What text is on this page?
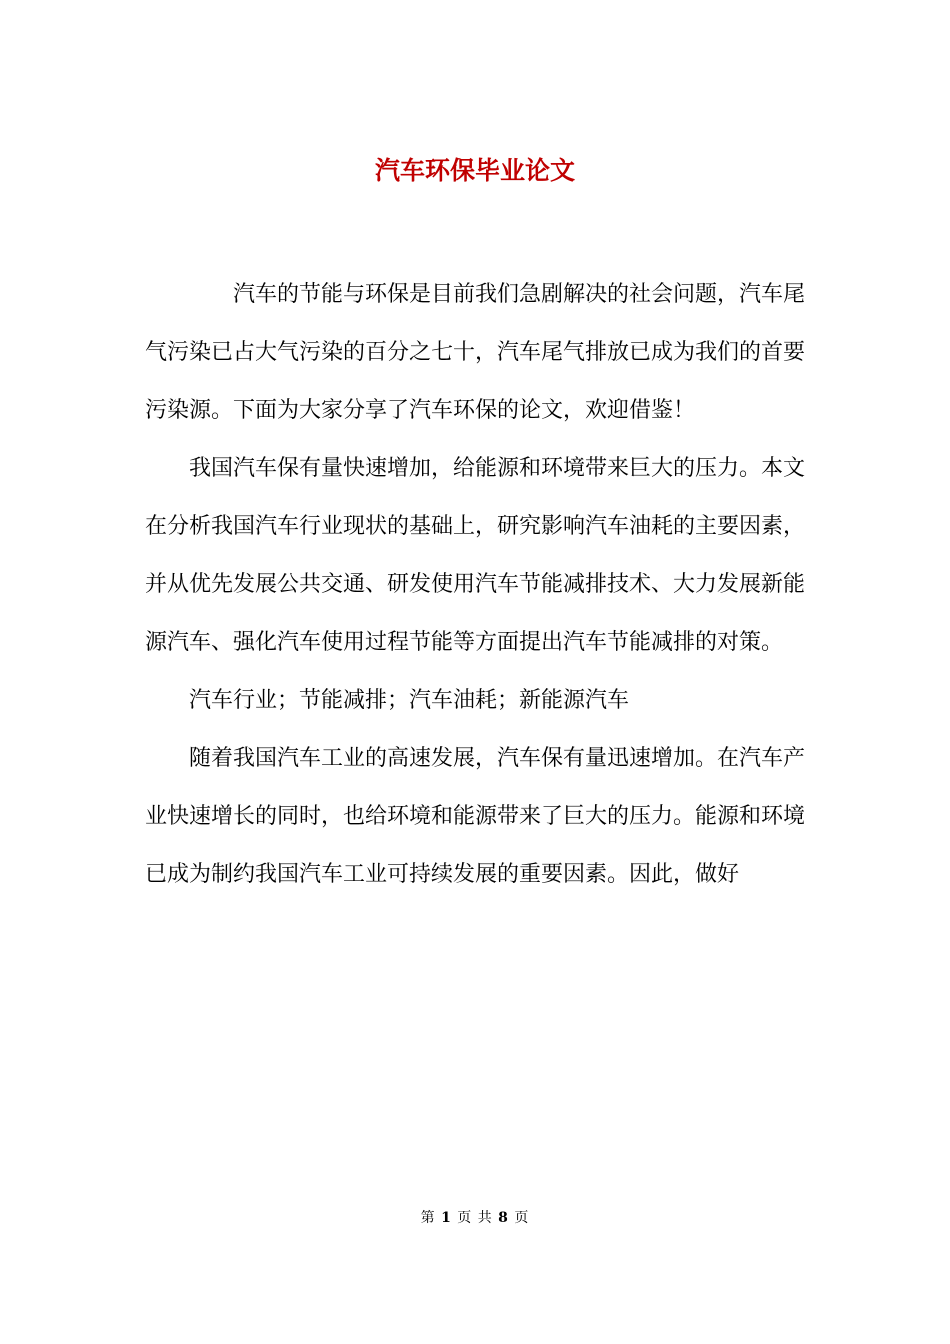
汽车环保毕业论文

汽车的节能与环保是目前我们急剧解决的社会问题，汽车尾气污染已占大气污染的百分之七十，汽车尾气排放已成为我们的首要污染源。下面为大家分享了汽车环保的论文，欢迎借鉴！

我国汽车保有量快速增加，给能源和环境带来巨大的压力。本文在分析我国汽车行业现状的基础上，研究影响汽车油耗的主要因素，并从优先发展公共交通、研发使用汽车节能减排技术、大力发展新能源汽车、强化汽车使用过程节能等方面提出汽车节能减排的对策。

汽车行业；节能减排；汽车油耗；新能源汽车

随着我国汽车工业的高速发展，汽车保有量迅速增加。在汽车产业快速增长的同时，也给环境和能源带来了巨大的压力。能源和环境已成为制约我国汽车工业可持续发展的重要因素。因此，做好

第 1 页 共 8 页
